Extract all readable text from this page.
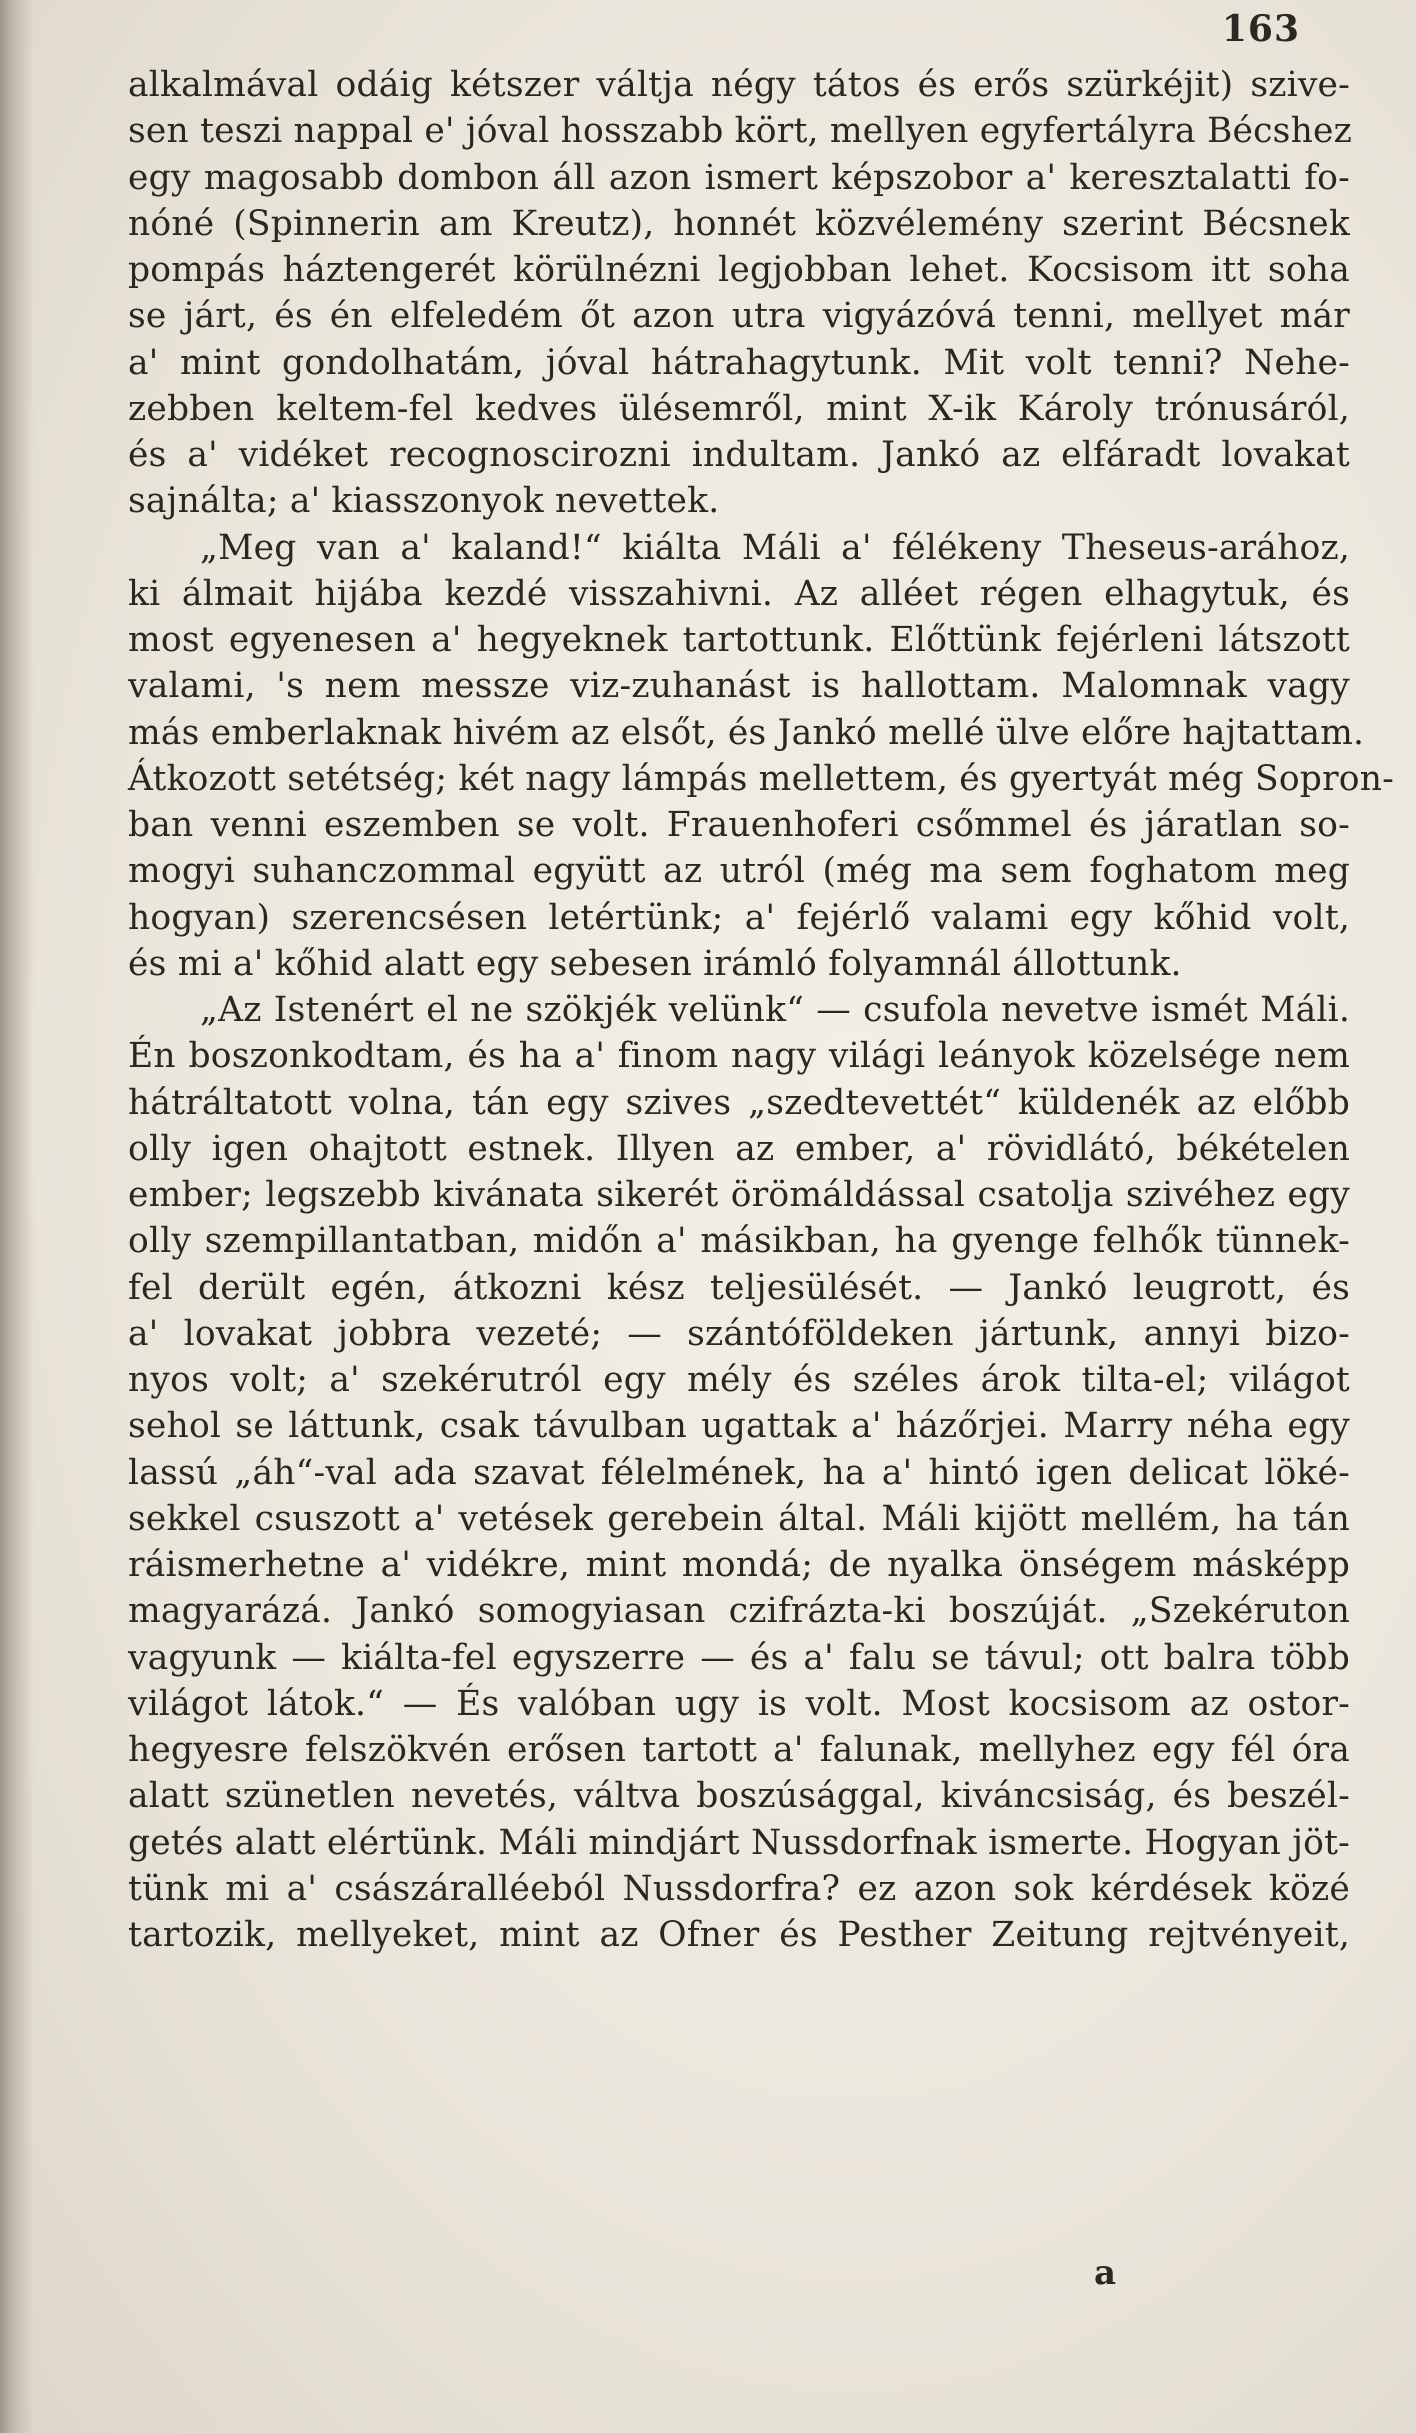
163
alkalmával odáig kétszer váltja négy tátos és erős szürkéjit) szive-
sen teszi nappal e' jóval hosszabb kört, mellyen egyfertályra Bécshez
egy magosabb dombon áll azon ismert képszobor a' keresztalatti fo-
nóné (Spinnerin am Kreutz), honnét közvélemény szerint Bécsnek
pompás háztengerét körülnézni legjobban lehet. Kocsisom itt soha
se járt, és én elfeledém őt azon utra vigyázóvá tenni, mellyet már
a' mint gondolhatám, jóval hátrahagytunk. Mit volt tenni? Nehe-
zebben keltem-fel kedves ülésemről, mint X-ik Károly trónusáról,
és a' vidéket recognoscirozni indultam. Jankó az elfáradt lovakat
sajnálta; a' kiasszonyok nevettek.
„Meg van a' kaland!“ kiálta Máli a' félékeny Theseus-arához,
ki álmait hijába kezdé visszahivni. Az alléet régen elhagytuk, és
most egyenesen a' hegyeknek tartottunk. Előttünk fejérleni látszott
valami, 's nem messze viz-zuhanást is hallottam. Malomnak vagy
más emberlaknak hivém az elsőt, és Jankó mellé ülve előre hajtattam.
Átkozott setétség; két nagy lámpás mellettem, és gyertyát még Sopron-
ban venni eszemben se volt. Frauenhoferi csőmmel és járatlan so-
mogyi suhanczommal együtt az utról (még ma sem foghatom meg
hogyan) szerencsésen letértünk; a' fejérlő valami egy kőhid volt,
és mi a' kőhid alatt egy sebesen irámló folyamnál állottunk.
„Az Istenért el ne szökjék velünk“ — csufola nevetve ismét Máli.
Én boszonkodtam, és ha a' finom nagy világi leányok közelsége nem
hátráltatott volna, tán egy szives „szedtevettét“ küldenék az előbb
olly igen ohajtott estnek. Illyen az ember, a' rövidlátó, békételen
ember; legszebb kivánata sikerét örömáldással csatolja szivéhez egy
olly szempillantatban, midőn a' másikban, ha gyenge felhők tünnek-
fel derült egén, átkozni kész teljesülését. — Jankó leugrott, és
a' lovakat jobbra vezeté; — szántóföldeken jártunk, annyi bizo-
nyos volt; a' szekérutról egy mély és széles árok tilta-el; világot
sehol se láttunk, csak távulban ugattak a' házőrjei. Marry néha egy
lassú „áh“-val ada szavat félelmének, ha a' hintó igen delicat löké-
sekkel csuszott a' vetések gerebein által. Máli kijött mellém, ha tán
ráismerhetne a' vidékre, mint mondá; de nyalka önségem másképp
magyarázá. Jankó somogyiasan czifrázta-ki boszúját. „Szekéruton
vagyunk — kiálta-fel egyszerre — és a' falu se távul; ott balra több
világot látok.“ — És valóban ugy is volt. Most kocsisom az ostor-
hegyesre felszökvén erősen tartott a' falunak, mellyhez egy fél óra
alatt szünetlen nevetés, váltva boszúsággal, kiváncsiság, és beszél-
getés alatt elértünk. Máli mindjárt Nussdorfnak ismerte. Hogyan jöt-
tünk mi a' császáralléeból Nussdorfra? ez azon sok kérdések közé
tartozik, mellyeket, mint az Ofner és Pesther Zeitung rejtvényeit,
a
